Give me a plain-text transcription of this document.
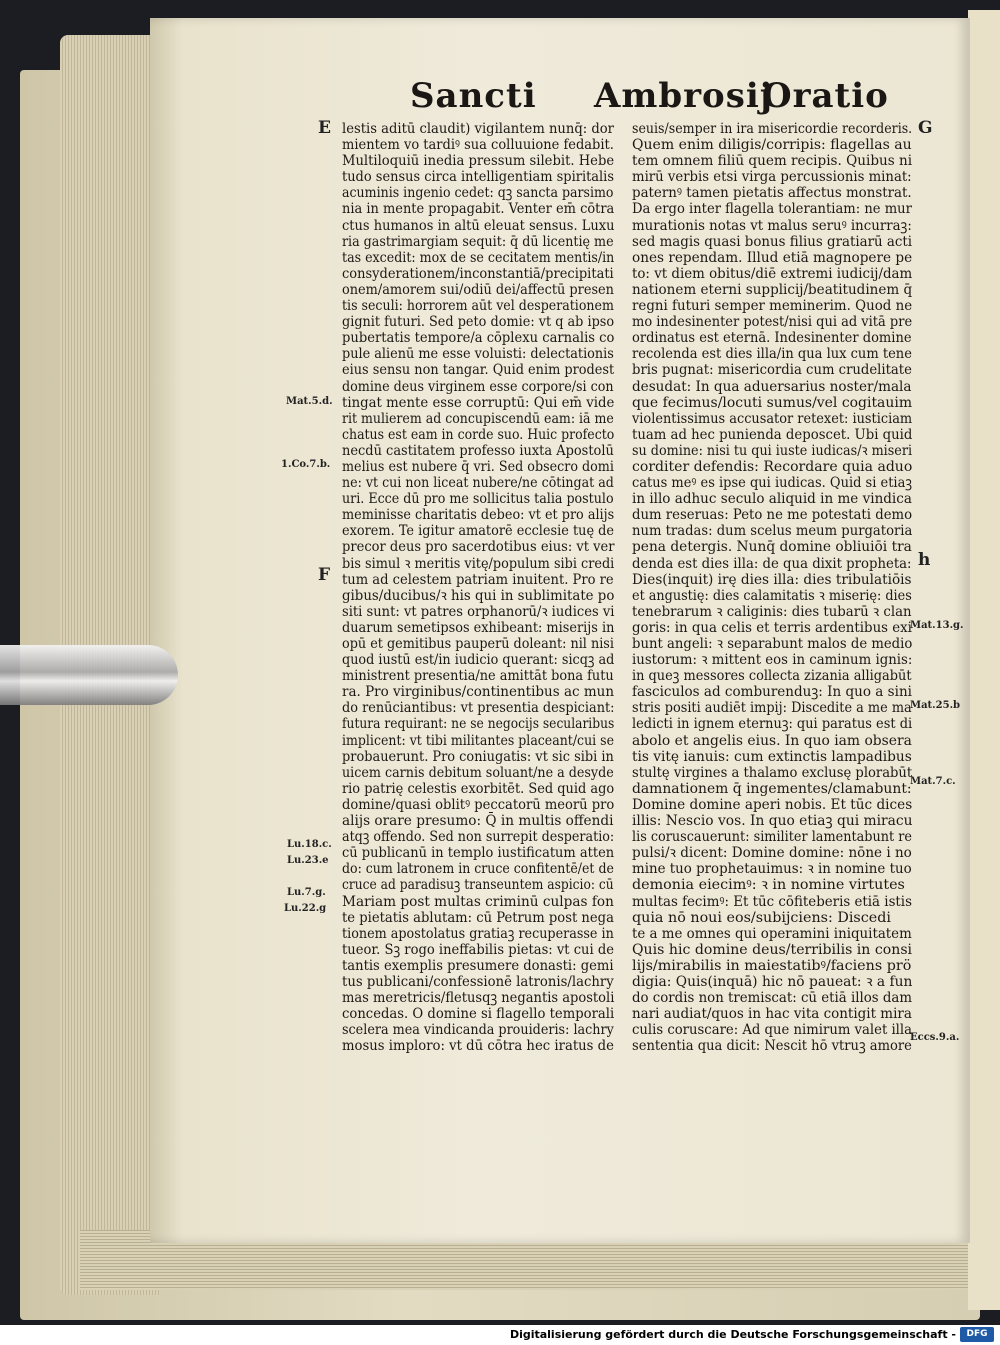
Sancti Ambrosij
Oratio
lestis aditū claudit) vigilantem nunq̄: dor
mientem vo tardiꝰ sua colluuione fedabit.
Multiloquiū inedia pressum silebit. Hebe
tudo sensus circa intelligentiam spiritalis
acuminis ingenio cedet: qꝫ sancta parsimo
nia in mente propagabit. Venter em̄ cōtra
ctus humanos in altū eleuat sensus. Luxu
ria gastrimargiam sequit: q̄ dū licentię me
tas excedit: mox de se cecitatem mentis/in
consyderationem/inconstantiā/precipitati
onem/amorem sui/odiū dei/affectū presen
tis seculi: horrorem aūt vel desperationem
gignit futuri. Sed peto domie: vt q ab ipso
pubertatis tempore/a cōplexu carnalis co
pule alienū me esse voluisti: delectationis
eius sensu non tangar. Quid enim prodest
domine deus virginem esse corpore/si con
tingat mente esse corruptū: Qui em̄ vide
rit mulierem ad concupiscendū eam: iā me
chatus est eam in corde suo. Huic profecto
necdū castitatem professo iuxta Apostolū
melius est nubere q̄ vri. Sed obsecro domi
ne: vt cui non liceat nubere/ne cōtingat ad
uri. Ecce dū pro me sollicitus talia postulo
meminisse charitatis debeo: vt et pro alijs
exorem. Te igitur amatorē ecclesie tuę de
precor deus pro sacerdotibus eius: vt ver
bis simul ꝛ meritis vitę/populum sibi credi
tum ad celestem patriam inuitent. Pro re
gibus/ducibus/ꝛ his qui in sublimitate po
siti sunt: vt patres orphanorū/ꝛ iudices vi
duarum semetipsos exhibeant: miserijs in
opū et gemitibus pauperū doleant: nil nisi
quod iustū est/in iudicio querant: sicqꝫ ad
ministrent presentia/ne amittāt bona futu
ra. Pro virginibus/continentibus ac mun
do renūciantibus: vt presentia despiciant:
futura requirant: ne se negocijs secularibus
implicent: vt tibi militantes placeant/cui se
probauerunt. Pro coniugatis: vt sic sibi in
uicem carnis debitum soluant/ne a desyde
rio patrię celestis exorbitēt. Sed quid ago
domine/quasi oblitꝰ peccatorū meorū pro
alijs orare presumo: Q̄ in multis offendi
atqꝫ offendo. Sed non surrepit desperatio:
cū publicanū in templo iustificatum atten
do: cum latronem in cruce confitentē/et de
cruce ad paradisuꝫ transeuntem aspicio: cū
Mariam post multas criminū culpas fon
te pietatis ablutam: cū Petrum post nega
tionem apostolatus gratiaꝫ recuperasse in
tueor. Sꝫ rogo ineffabilis pietas: vt cui de
tantis exemplis presumere donasti: gemi
tus publicani/confessionē latronis/lachry
mas meretricis/fletusqꝫ negantis apostoli
concedas. O domine si flagello temporali
scelera mea vindicanda prouideris: lachry
mosus imploro: vt dū cōtra hec iratus de
seuis/semper in ira misericordie recorderis.
Quem enim diligis/corripis: flagellas au
tem omnem filiū quem recipis. Quibus ni
mirū verbis etsi virga percussionis minat:
paternꝰ tamen pietatis affectus monstrat.
Da ergo inter flagella tolerantiam: ne mur
murationis notas vt malus seruꝰ incurraꝫ:
sed magis quasi bonus filius gratiarū acti
ones rependam. Illud etiā magnopere pe
to: vt diem obitus/diē extremi iudicij/dam
nationem eterni supplicij/beatitudinem q̄
regni futuri semper meminerim. Quod ne
mo indesinenter potest/nisi qui ad vitā pre
ordinatus est eternā. Indesinenter domine
recolenda est dies illa/in qua lux cum tene
bris pugnat: misericordia cum crudelitate
desudat: In qua aduersarius noster/mala
que fecimus/locuti sumus/vel cogitauim
violentissimus accusator retexet: iusticiam
tuam ad hec punienda deposcet. Ubi quid
su domine: nisi tu qui iuste iudicas/ꝛ miseri
corditer defendis: Recordare quia aduo
catus meꝰ es ipse qui iudicas. Quid si etiaꝫ
in illo adhuc seculo aliquid in me vindica
dum reseruas: Peto ne me potestati demo
num tradas: dum scelus meum purgatoria
pena detergis. Nunq̄ domine obliuiōi tra
denda est dies illa: de qua dixit propheta:
Dies(inquit) irę dies illa: dies tribulatiōis
et angustię: dies calamitatis ꝛ miserię: dies
tenebrarum ꝛ caliginis: dies tubarū ꝛ clan
goris: in qua celis et terris ardentibus exi
bunt angeli: ꝛ separabunt malos de medio
iustorum: ꝛ mittent eos in caminum ignis:
in queꝫ messores collecta zizania alligabūt
fasciculos ad comburenduꝫ: In quo a sini
stris positi audiēt impij: Discedite a me ma
ledicti in ignem eternuꝫ: qui paratus est di
abolo et angelis eius. In quo iam obsera
tis vitę ianuis: cum extinctis lampadibus
stultę virgines a thalamo exclusę plorabūt
damnationem q̄ ingementes/clamabunt:
Domine domine aperi nobis. Et tūc dices
illis: Nescio vos. In quo etiaꝫ qui miracu
lis coruscauerunt: similiter lamentabunt re
pulsi/ꝛ dicent: Domine domine: nōne i no
mine tuo prophetauimus: ꝛ in nomine tuo
demonia eiecimꝰ: ꝛ in nomine virtutes
multas fecimꝰ: Et tūc cōfiteberis etiā istis
quia nō noui eos/subijciens: Discedi
te a me omnes qui operamini iniquitatem
Quis hic domine deus/terribilis in consi
lijs/mirabilis in maiestatibꝰ/faciens prö
digia: Quis(inquā) hic nō paueat: ꝛ a fun
do cordis non tremiscat: cū etiā illos dam
nari audiat/quos in hac vita contigit mira
culis coruscare: Ad que nimirum valet illa
sententia qua dicit: Nescit hō vtruꝫ amore
E
F
Mat.5.d.
1.Co.7.b.
Lu.18.c.
Lu.23.e
Lu.7.g.
Lu.22.g
G
h
Mat.13.g.
Mat.25.b
Mat.7.c.
Eccs.9.a.
Digitalisierung gefördert durch die Deutsche Forschungsgemeinschaft -	DFG
